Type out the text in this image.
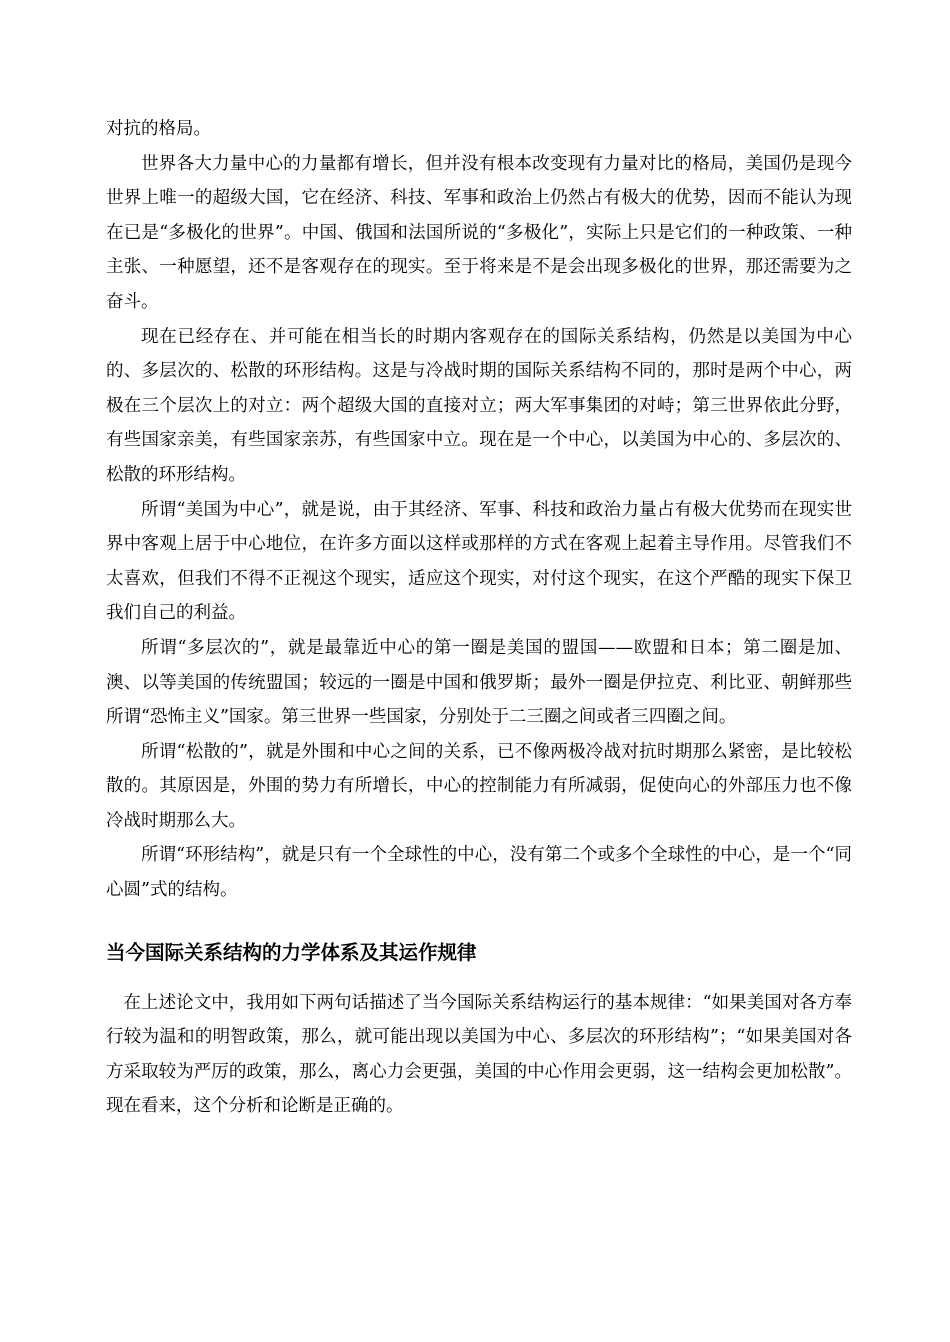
对抗的格局。

世界各大力量中心的力量都有增长，但并没有根本改变现有力量对比的格局，美国仍是现今世界上唯一的超级大国，它在经济、科技、军事和政治上仍然占有极大的优势，因而不能认为现在已是“多极化的世界”。中国、俄国和法国所说的“多极化”，实际上只是它们的一种政策、一种主张、一种愿望，还不是客观存在的现实。至于将来是不是会出现多极化的世界，那还需要为之奋斗。

现在已经存在、并可能在相当长的时期内客观存在的国际关系结构，仍然是以美国为中心的、多层次的、松散的环形结构。这是与冷战时期的国际关系结构不同的，那时是两个中心，两极在三个层次上的对立：两个超级大国的直接对立；两大军事集团的对峙；第三世界依此分野，有些国家亲美，有些国家亲苏，有些国家中立。现在是一个中心，以美国为中心的、多层次的、松散的环形结构。

所谓“美国为中心”，就是说，由于其经济、军事、科技和政治力量占有极大优势而在现实世界中客观上居于中心地位，在许多方面以这样或那样的方式在客观上起着主导作用。尽管我们不太喜欢，但我们不得不正视这个现实，适应这个现实，对付这个现实，在这个严酷的现实下保卫我们自己的利益。

所谓“多层次的”，就是最靠近中心的第一圈是美国的盟国——欧盟和日本；第二圈是加、澳、以等美国的传统盟国；较远的一圈是中国和俄罗斯；最外一圈是伊拉克、利比亚、朝鲜那些所谓“恐怖主义”国家。第三世界一些国家，分别处于二三圈之间或者三四圈之间。

所谓“松散的”，就是外围和中心之间的关系，已不像两极冷战对抗时期那么紧密，是比较松散的。其原因是，外围的势力有所增长，中心的控制能力有所减弱，促使向心的外部压力也不像冷战时期那么大。

所谓“环形结构”，就是只有一个全球性的中心，没有第二个或多个全球性的中心，是一个“同心圆”式的结构。

当今国际关系结构的力学体系及其运作规律

在上述论文中，我用如下两句话描述了当今国际关系结构运行的基本规律：“如果美国对各方奉行较为温和的明智政策，那么，就可能出现以美国为中心、多层次的环形结构”；“如果美国对各方采取较为严厉的政策，那么，离心力会更强，美国的中心作用会更弱，这一结构会更加松散”。现在看来，这个分析和论断是正确的。
